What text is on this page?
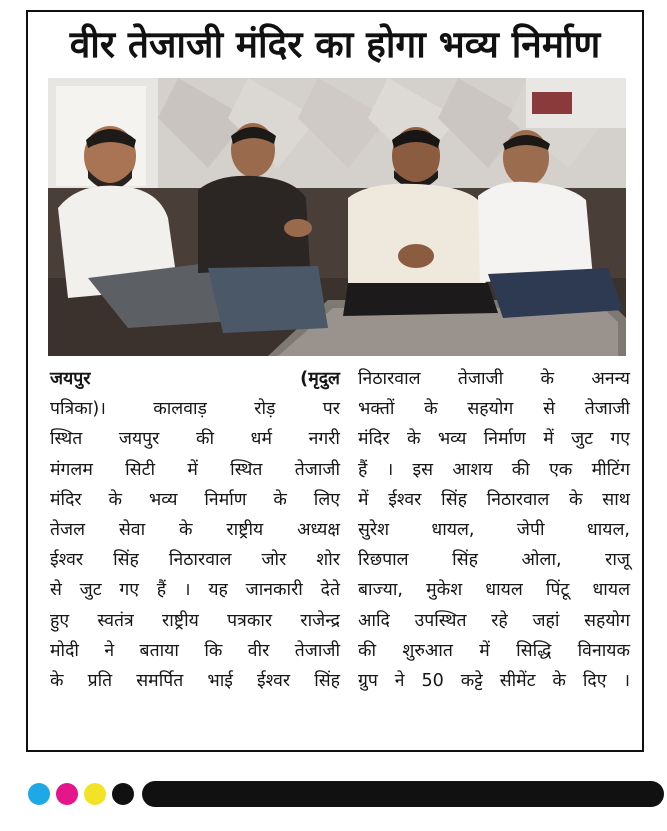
वीर तेजाजी मंदिर का होगा भव्य निर्माण
जयपुर (मृदुल
पत्रिका)। कालवाड़ रोड़ पर
स्थित जयपुर की धर्म नगरी
मंगलम सिटी में स्थित तेजाजी
मंदिर के भव्य निर्माण के लिए
तेजल सेवा के राष्ट्रीय अध्यक्ष
ईश्वर सिंह निठारवाल जोर शोर
से जुट गए हैं । यह जानकारी देते
हुए स्वतंत्र राष्ट्रीय पत्रकार राजेन्द्र
मोदी ने बताया कि वीर तेजाजी
के प्रति समर्पित भाई ईश्वर सिंह
निठारवाल तेजाजी के अनन्य
भक्तों के सहयोग से तेजाजी
मंदिर के भव्य निर्माण में जुट गए
हैं । इस आशय की एक मीटिंग
में ईश्वर सिंह निठारवाल के साथ
सुरेश धायल, जेपी धायल,
रिछपाल सिंह ओला, राजू
बाज्या, मुकेश धायल पिंटू धायल
आदि उपस्थित रहे जहां सहयोग
की शुरुआत में सिद्धि विनायक
ग्रुप ने 50 कट्टे सीमेंट के दिए ।
